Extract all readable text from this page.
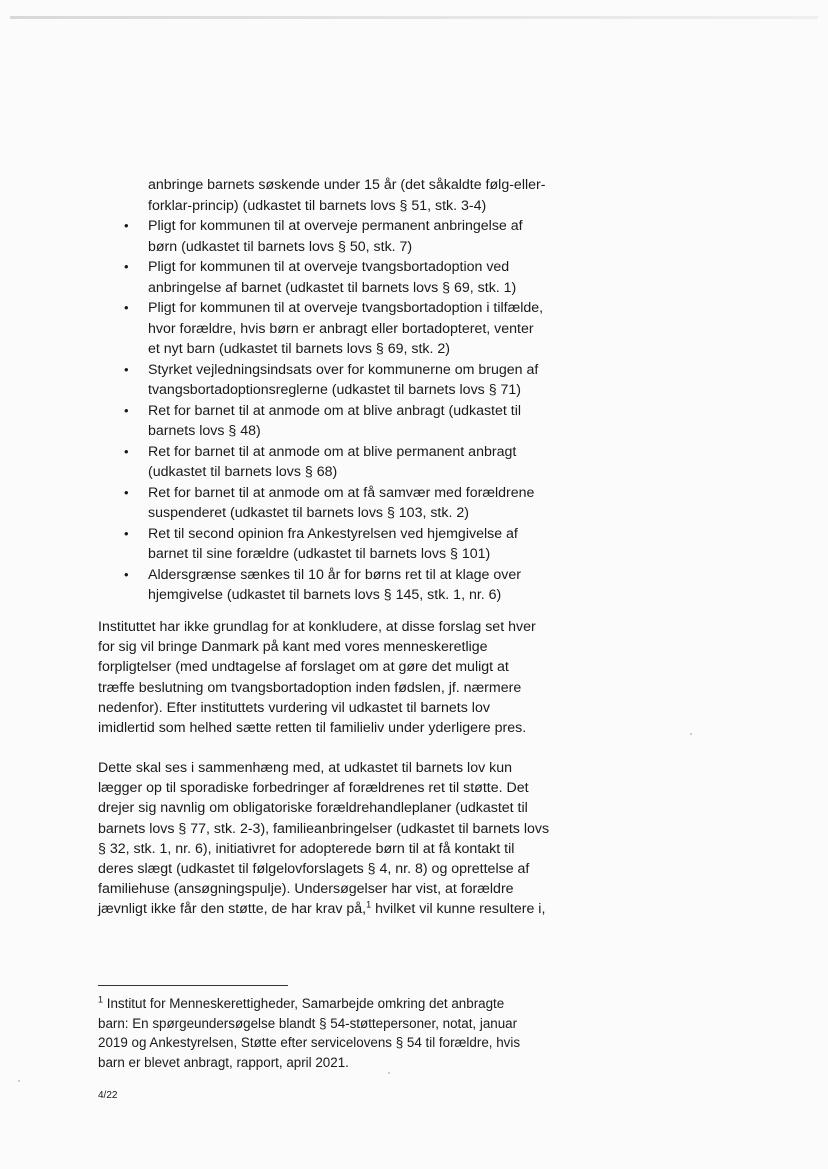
anbringe barnets søskende under 15 år (det såkaldte følg-eller-
forklar-princip) (udkastet til barnets lovs § 51, stk. 3-4)

• Pligt for kommunen til at overveje permanent anbringelse af
børn (udkastet til barnets lovs § 50, stk. 7)
• Pligt for kommunen til at overveje tvangsbortadoption ved
anbringelse af barnet (udkastet til barnets lovs § 69, stk. 1)
• Pligt for kommunen til at overveje tvangsbortadoption i tilfælde,
hvor forældre, hvis børn er anbragt eller bortadopteret, venter
et nyt barn (udkastet til barnets lovs § 69, stk. 2)
• Styrket vejledningsindsats over for kommunerne om brugen af
tvangsbortadoptionsreglerne (udkastet til barnets lovs § 71)
• Ret for barnet til at anmode om at blive anbragt (udkastet til
barnets lovs § 48)
• Ret for barnet til at anmode om at blive permanent anbragt
(udkastet til barnets lovs § 68)
• Ret for barnet til at anmode om at få samvær med forældrene
suspenderet (udkastet til barnets lovs § 103, stk. 2)
• Ret til second opinion fra Ankestyrelsen ved hjemgivelse af
barnet til sine forældre (udkastet til barnets lovs § 101)
• Aldersgrænse sænkes til 10 år for børns ret til at klage over
hjemgivelse (udkastet til barnets lovs § 145, stk. 1, nr. 6)

Instituttet har ikke grundlag for at konkludere, at disse forslag set hver
for sig vil bringe Danmark på kant med vores menneskeretlige
forpligtelser (med undtagelse af forslaget om at gøre det muligt at
træffe beslutning om tvangsbortadoption inden fødslen, jf. nærmere
nedenfor). Efter instituttets vurdering vil udkastet til barnets lov
imidlertid som helhed sætte retten til familieliv under yderligere pres.

Dette skal ses i sammenhæng med, at udkastet til barnets lov kun
lægger op til sporadiske forbedringer af forældrenes ret til støtte. Det
drejer sig navnlig om obligatoriske forældrehandleplaner (udkastet til
barnets lovs § 77, stk. 2-3), familieanbringelser (udkastet til barnets lovs
§ 32, stk. 1, nr. 6), initiativret for adopterede børn til at få kontakt til
deres slægt (udkastet til følgelovforslagets § 4, nr. 8) og oprettelse af
familiehuse (ansøgningspulje). Undersøgelser har vist, at forældre
jævnligt ikke får den støtte, de har krav på,$^1$ hvilket vil kunne resultere i,

$^1$ Institut for Menneskerettigheder, Samarbejde omkring det anbragte
barn: En spørgeundersøgelse blandt § 54-støttepersoner, notat, januar
2019 og Ankestyrelsen, Støtte efter servicelovens § 54 til forældre, hvis
barn er blevet anbragt, rapport, april 2021.

4/22
